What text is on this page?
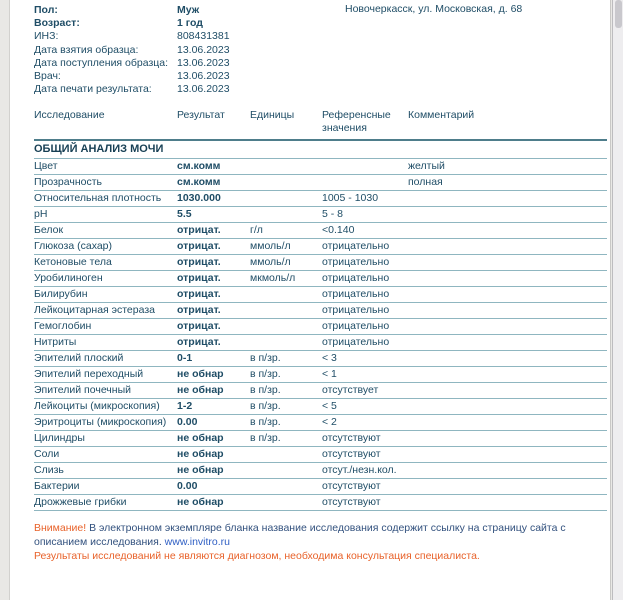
Пол:	Муж
Возраст:	1 год
ИНЗ:	808431381
Дата взятия образца:	13.06.2023
Дата поступления образца: 13.06.2023
Врач:	13.06.2023
Дата печати результата:	13.06.2023
Новочеркасск, ул. Московская, д. 68
Исследование	Результат	Единицы	Референсные значения	Комментарий
ОБЩИЙ АНАЛИЗ МОЧИ				
Цвет	см.комм			желтый
Прозрачность	см.комм			полная
Относительная плотность	1030.000		1005 - 1030	
pH	5.5		5 - 8	
Белок	отрицат.	г/л	<0.140	
Глюкоза (сахар)	отрицат.	ммоль/л	отрицательно	
Кетоновые тела	отрицат.	ммоль/л	отрицательно	
Уробилиноген	отрицат.	мкмоль/л	отрицательно	
Билирубин	отрицат.		отрицательно	
Лейкоцитарная эстераза	отрицат.		отрицательно	
Гемоглобин	отрицат.		отрицательно	
Нитриты	отрицат.		отрицательно	
Эпителий плоский	0-1	в п/зр.	< 3	
Эпителий переходный	не обнар	в п/зр.	< 1	
Эпителий почечный	не обнар	в п/зр.	отсутствует	
Лейкоциты (микроскопия)	1-2	в п/зр.	< 5	
Эритроциты (микроскопия)	0.00	в п/зр.	< 2	
Цилиндры	не обнар	в п/зр.	отсутствуют	
Соли	не обнар		отсутствуют	
Слизь	не обнар		отсут./незн.кол.	
Бактерии	0.00		отсутствуют	
Дрожжевые грибки	не обнар		отсутствуют	

Внимание! В электронном экземпляре бланка название исследования содержит ссылку на страницу сайта с описанием исследования. www.invitro.ru

Результаты исследований не являются диагнозом, необходима консультация специалиста.
